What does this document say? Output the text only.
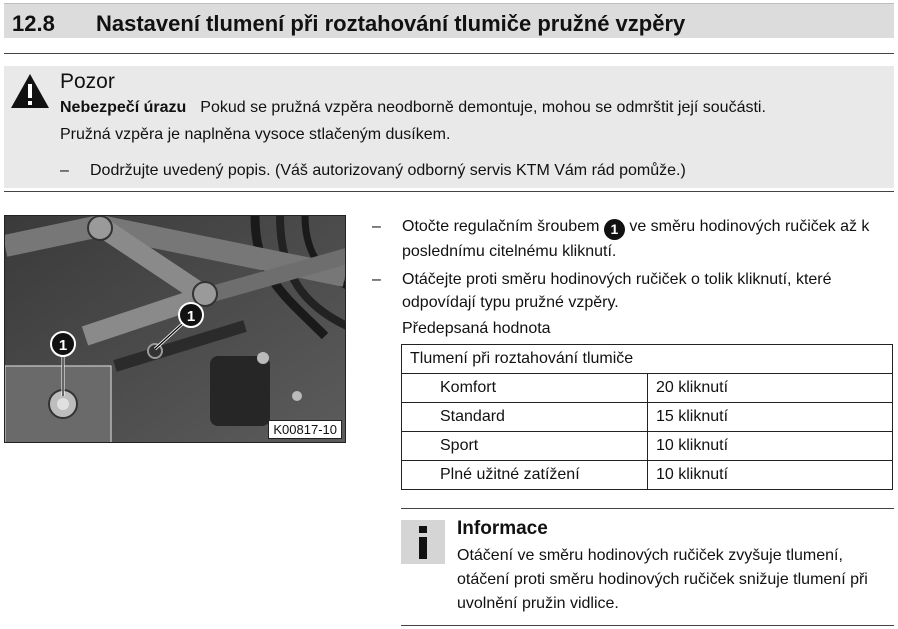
12.8 Nastavení tlumení při roztahování tlumiče pružné vzpěry
Pozor
Nebezpečí úrazu Pokud se pružná vzpěra neodborně demontuje, mohou se odmrštit její součásti.
Pružná vzpěra je naplněna vysoce stlačeným dusíkem.
– Dodržujte uvedený popis. (Váš autorizovaný odborný servis KTM Vám rád pomůže.)
1
1
K00817-10
– Otočte regulačním šroubem 1 ve směru hodinových ručiček až k poslednímu citelnému kliknutí.
– Otáčejte proti směru hodinových ručiček o tolik kliknutí, které odpovídají typu pružné vzpěry.
Předepsaná hodnota
Tlumení při roztahování tlumiče	
Komfort	20 kliknutí
Standard	15 kliknutí
Sport	10 kliknutí
Plné užitné zatížení	10 kliknutí
Informace
Otáčení ve směru hodinových ručiček zvyšuje tlumení, otáčení proti směru hodinových ručiček snižuje tlumení při uvolnění pružin vidlice.
